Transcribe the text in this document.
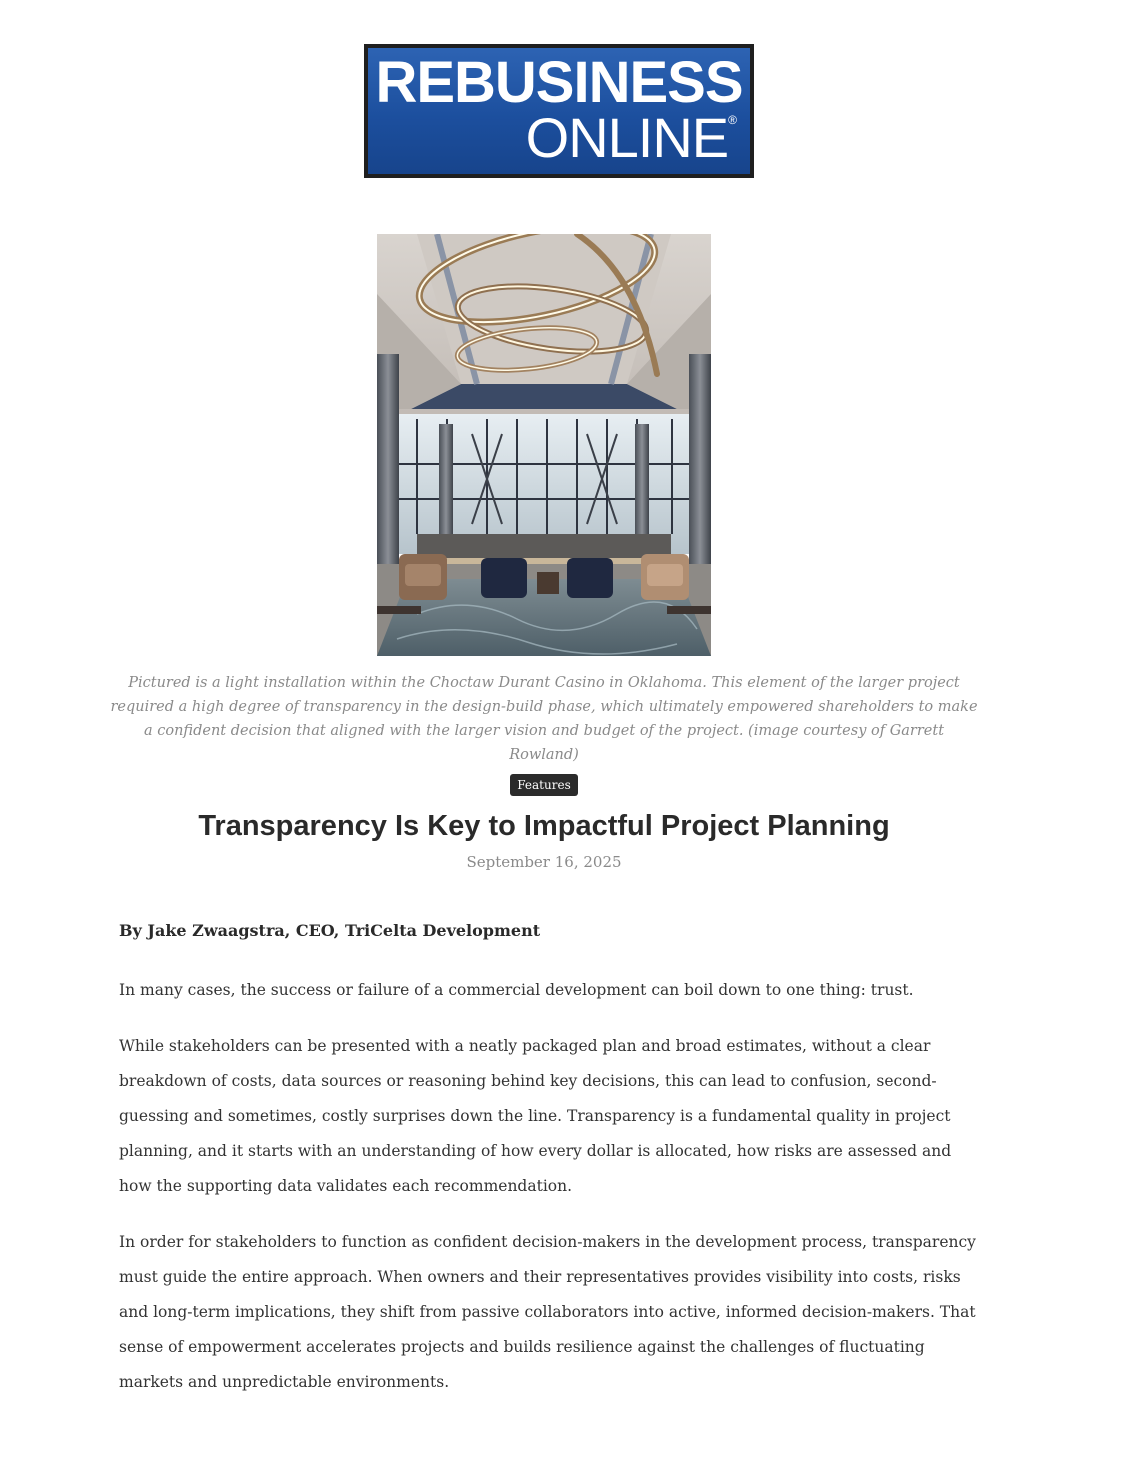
REBUSINESS
ONLINE®
Pictured is a light installation within the Choctaw Durant Casino in Oklahoma. This element of the larger project required a high degree of transparency in the design-build phase, which ultimately empowered shareholders to make a confident decision that aligned with the larger vision and budget of the project. (image courtesy of Garrett Rowland)
Features
Transparency Is Key to Impactful Project Planning
September 16, 2025

By Jake Zwaagstra, CEO, TriCelta Development

In many cases, the success or failure of a commercial development can boil down to one thing: trust.

While stakeholders can be presented with a neatly packaged plan and broad estimates, without a clear breakdown of costs, data sources or reasoning behind key decisions, this can lead to confusion, second-guessing and sometimes, costly surprises down the line. Transparency is a fundamental quality in project planning, and it starts with an understanding of how every dollar is allocated, how risks are assessed and how the supporting data validates each recommendation.

In order for stakeholders to function as confident decision-makers in the development process, transparency must guide the entire approach. When owners and their representatives provides visibility into costs, risks and long-term implications, they shift from passive collaborators into active, informed decision-makers. That sense of empowerment accelerates projects and builds resilience against the challenges of fluctuating markets and unpredictable environments.
